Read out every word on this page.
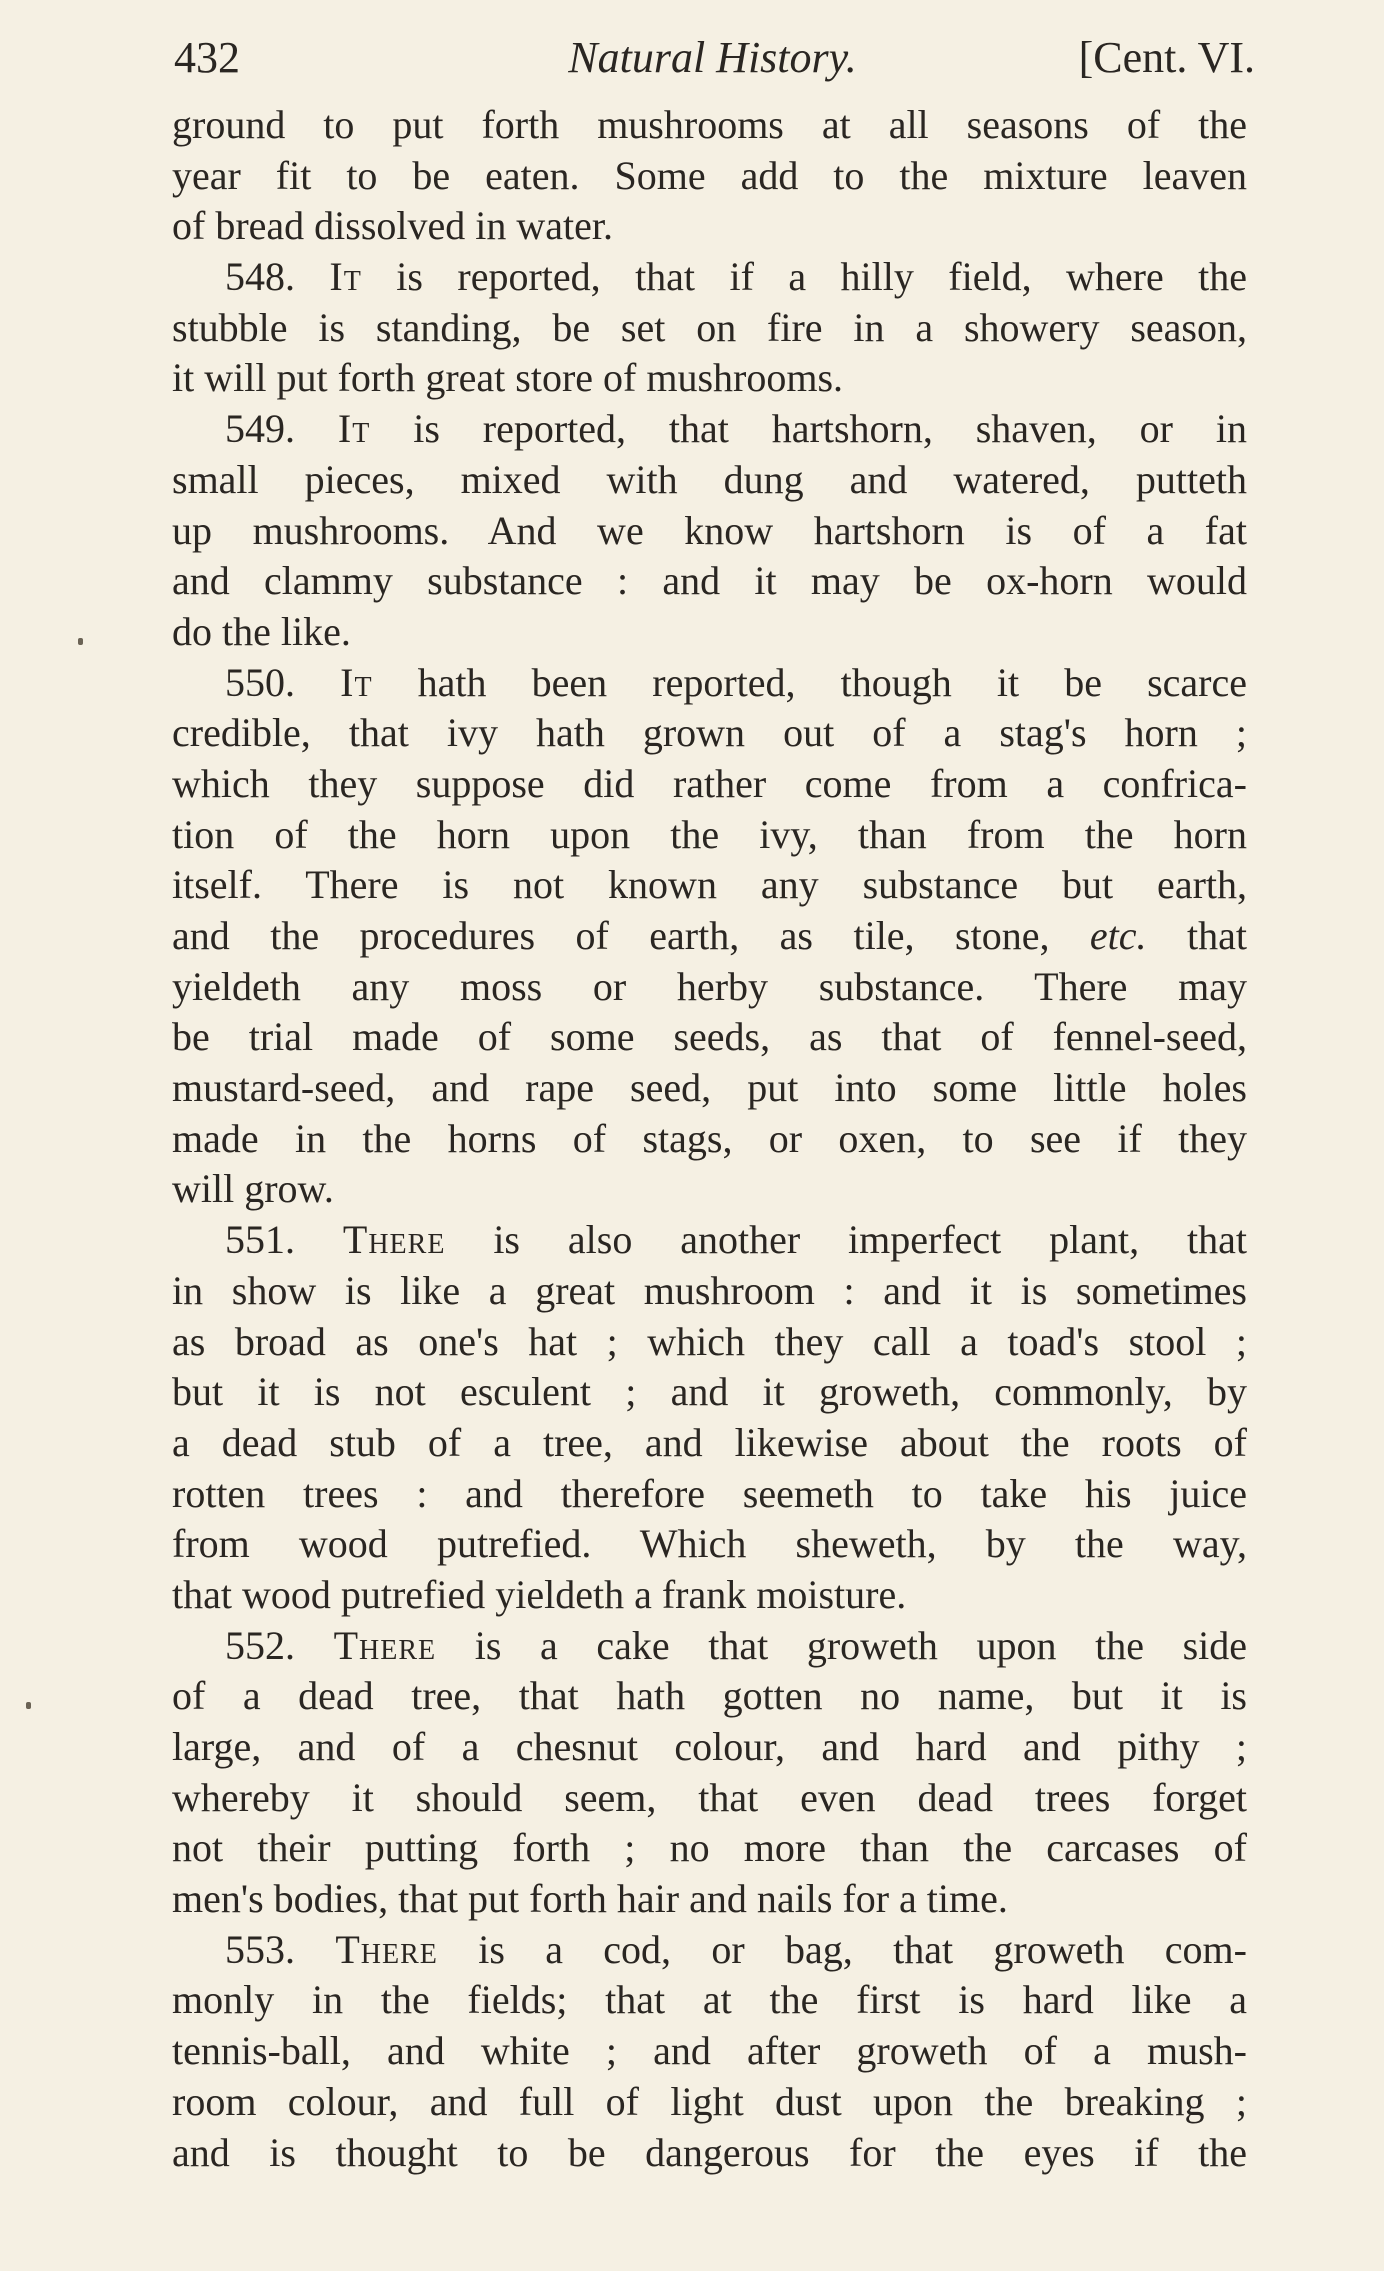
432	Natural History.	[Cent. VI.
ground to put forth mushrooms at all seasons of the
year fit to be eaten. Some add to the mixture leaven
of bread dissolved in water.
548. It is reported, that if a hilly field, where the
stubble is standing, be set on fire in a showery season,
it will put forth great store of mushrooms.
549. It is reported, that hartshorn, shaven, or in
small pieces, mixed with dung and watered, putteth
up mushrooms. And we know hartshorn is of a fat
and clammy substance : and it may be ox-horn would
do the like.
550. It hath been reported, though it be scarce
credible, that ivy hath grown out of a stag's horn ;
which they suppose did rather come from a confrica-
tion of the horn upon the ivy, than from the horn
itself. There is not known any substance but earth,
and the procedures of earth, as tile, stone, etc. that
yieldeth any moss or herby substance. There may
be trial made of some seeds, as that of fennel-seed,
mustard-seed, and rape seed, put into some little holes
made in the horns of stags, or oxen, to see if they
will grow.
551. There is also another imperfect plant, that
in show is like a great mushroom : and it is sometimes
as broad as one's hat ; which they call a toad's stool ;
but it is not esculent ; and it groweth, commonly, by
a dead stub of a tree, and likewise about the roots of
rotten trees : and therefore seemeth to take his juice
from wood putrefied. Which sheweth, by the way,
that wood putrefied yieldeth a frank moisture.
552. There is a cake that groweth upon the side
of a dead tree, that hath gotten no name, but it is
large, and of a chesnut colour, and hard and pithy ;
whereby it should seem, that even dead trees forget
not their putting forth ; no more than the carcases of
men's bodies, that put forth hair and nails for a time.
553. There is a cod, or bag, that groweth com-
monly in the fields; that at the first is hard like a
tennis-ball, and white ; and after groweth of a mush-
room colour, and full of light dust upon the breaking ;
and is thought to be dangerous for the eyes if the
